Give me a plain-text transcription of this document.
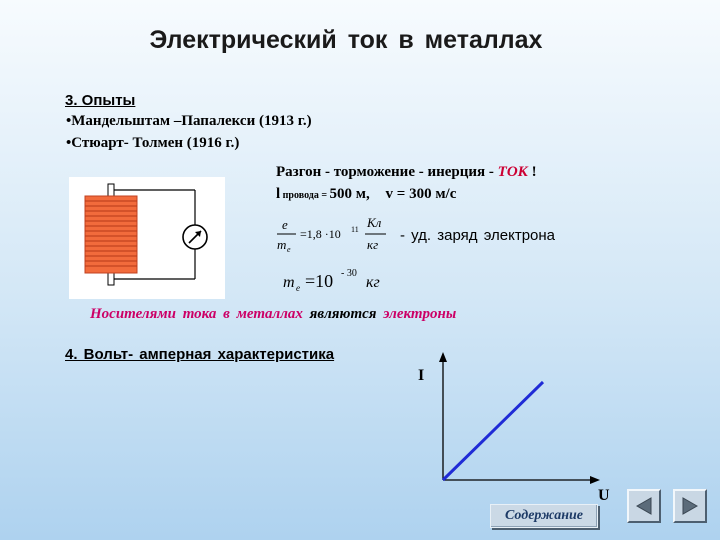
Электрический ток в металлах
3. Опыты
•Мандельштам –Папалекси (1913 г.)
•Стюарт- Толмен (1916 г.)
Разгон - торможение - инерция - ТОК !
l провода = 500 м, v = 300 м/с
e
m e
=1,8 ·10 11 Кл
кг
- уд. заряд электрона
m e =10 - 30
кг
Носителями тока в металлах являются электроны
4. Вольт- амперная характеристика
I
U
Содержание
